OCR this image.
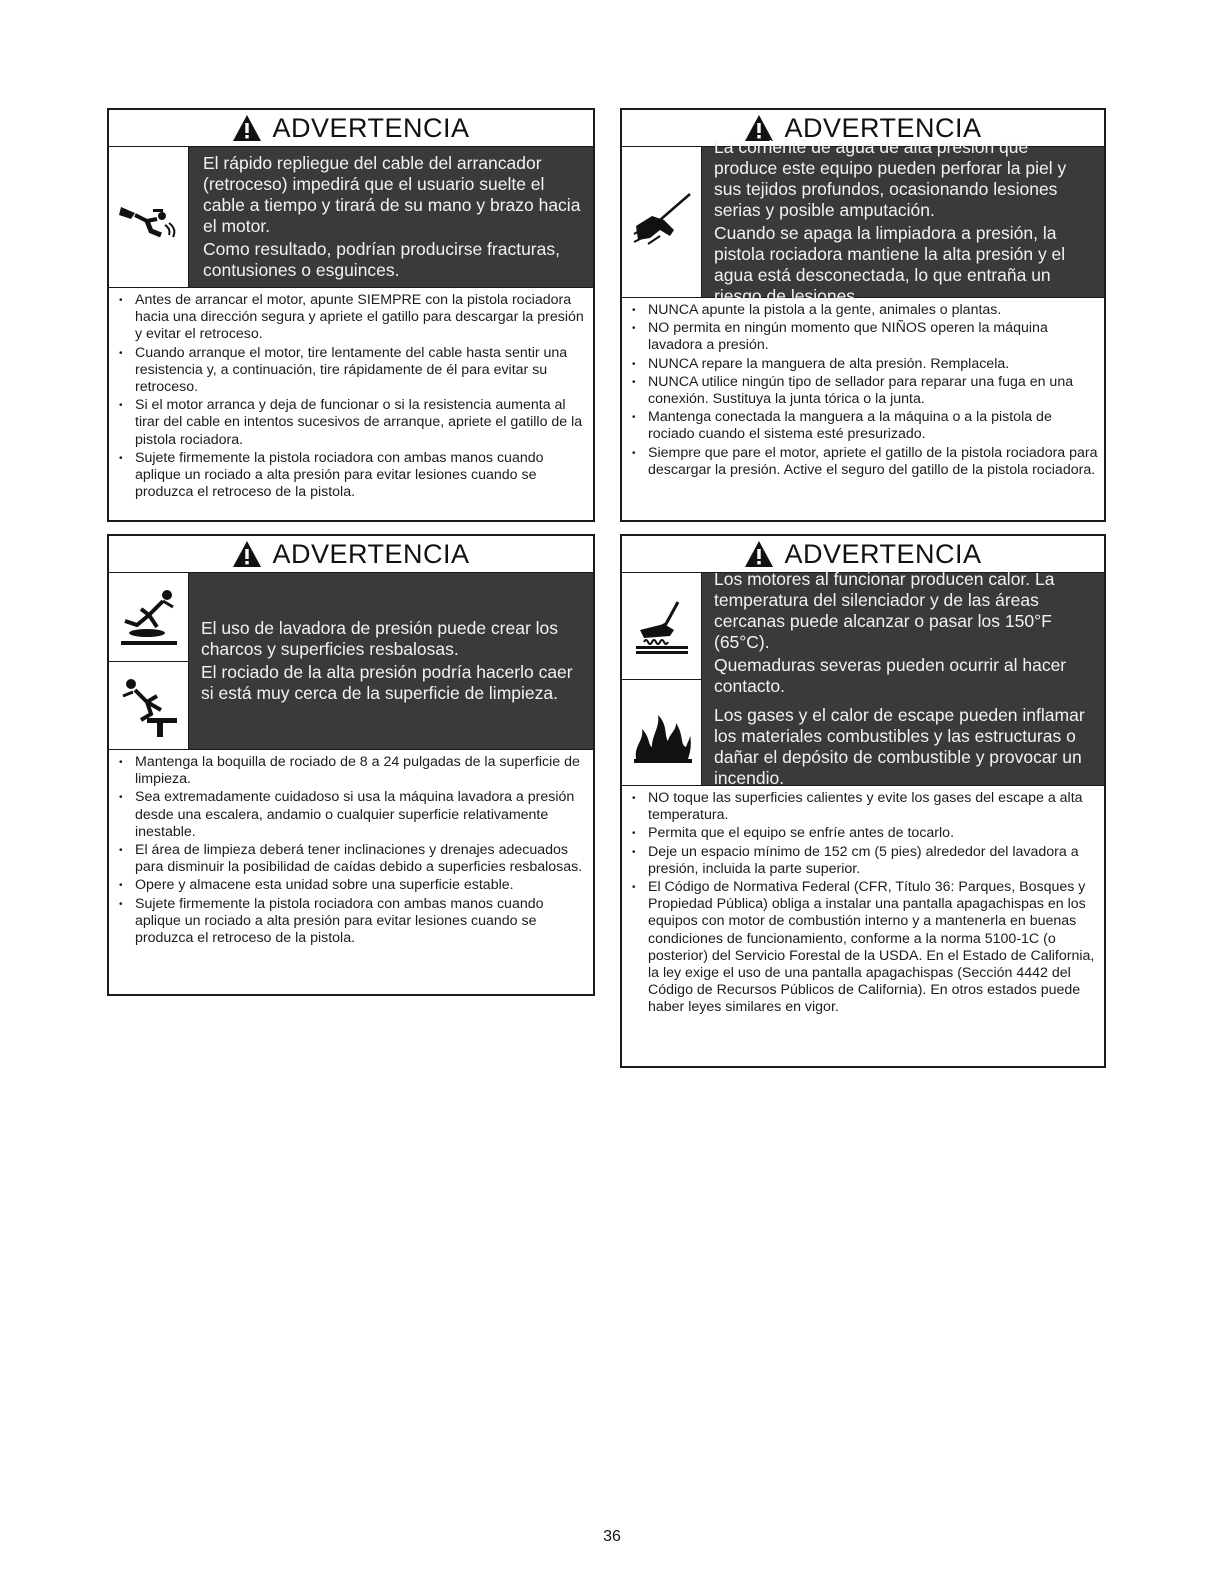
ADVERTENCIA

El rápido repliegue del cable del arrancador (retroceso) impedirá que el usuario suelte el cable a tiempo y tirará de su mano y brazo hacia el motor.

Como resultado, podrían producirse fracturas, contusiones o esguinces.

• Antes de arrancar el motor, apunte SIEMPRE con la pistola rociadora hacia una dirección segura y apriete el gatillo para descargar la presión y evitar el retroceso.
• Cuando arranque el motor, tire lentamente del cable hasta sentir una resistencia y, a continuación, tire rápidamente de él para evitar su retroceso.
• Si el motor arranca y deja de funcionar o si la resistencia aumenta al tirar del cable en intentos sucesivos de arranque, apriete el gatillo de la pistola rociadora.
• Sujete firmemente la pistola rociadora con ambas manos cuando aplique un rociado a alta presión para evitar lesiones cuando se produzca el retroceso de la pistola.
ADVERTENCIA

La corriente de agua de alta presión que produce este equipo pueden perforar la piel y sus tejidos profundos, ocasionando lesiones serias y posible amputación.

Cuando se apaga la limpiadora a presión, la pistola rociadora mantiene la alta presión y el agua está desconectada, lo que entraña un riesgo de lesiones.

• NUNCA apunte la pistola a la gente, animales o plantas.
• NO permita en ningún momento que NIÑOS operen la máquina lavadora a presión.
• NUNCA repare la manguera de alta presión. Remplacela.
• NUNCA utilice ningún tipo de sellador para reparar una fuga en una conexión. Sustituya la junta tórica o la junta.
• Mantenga conectada la manguera a la máquina o a la pistola de rociado cuando el sistema esté presurizado.
• Siempre que pare el motor, apriete el gatillo de la pistola rociadora para descargar la presión. Active el seguro del gatillo de la pistola rociadora.
ADVERTENCIA

El uso de lavadora de presión puede crear los charcos y superficies resbalosas.

El rociado de la alta presión podría hacerlo caer si está muy cerca de la superficie de limpieza.

• Mantenga la boquilla de rociado de 8 a 24 pulgadas de la superficie de limpieza.
• Sea extremadamente cuidadoso si usa la máquina lavadora a presión desde una escalera, andamio o cualquier superficie relativamente inestable.
• El área de limpieza deberá tener inclinaciones y drenajes adecuados para disminuir la posibilidad de caídas debido a superficies resbalosas.
• Opere y almacene esta unidad sobre una superficie estable.
• Sujete firmemente la pistola rociadora con ambas manos cuando aplique un rociado a alta presión para evitar lesiones cuando se produzca el retroceso de la pistola.
ADVERTENCIA

Los motores al funcionar producen calor. La temperatura del silenciador y de las áreas cercanas puede alcanzar o pasar los 150°F (65°C).

Quemaduras severas pueden ocurrir al hacer contacto.

Los gases y el calor de escape pueden inflamar los materiales combustibles y las estructuras o dañar el depósito de combustible y provocar un incendio.

• NO toque las superficies calientes y evite los gases del escape a alta temperatura.
• Permita que el equipo se enfríe antes de tocarlo.
• Deje un espacio mínimo de 152 cm (5 pies) alrededor del lavadora a presión, incluida la parte superior.
• El Código de Normativa Federal (CFR, Título 36: Parques, Bosques y Propiedad Pública) obliga a instalar una pantalla apagachispas en los equipos con motor de combustión interno y a mantenerla en buenas condiciones de funcionamiento, conforme a la norma 5100-1C (o posterior) del Servicio Forestal de la USDA. En el Estado de California, la ley exige el uso de una pantalla apagachispas (Sección 4442 del Código de Recursos Públicos de California). En otros estados puede haber leyes similares en vigor.
36
